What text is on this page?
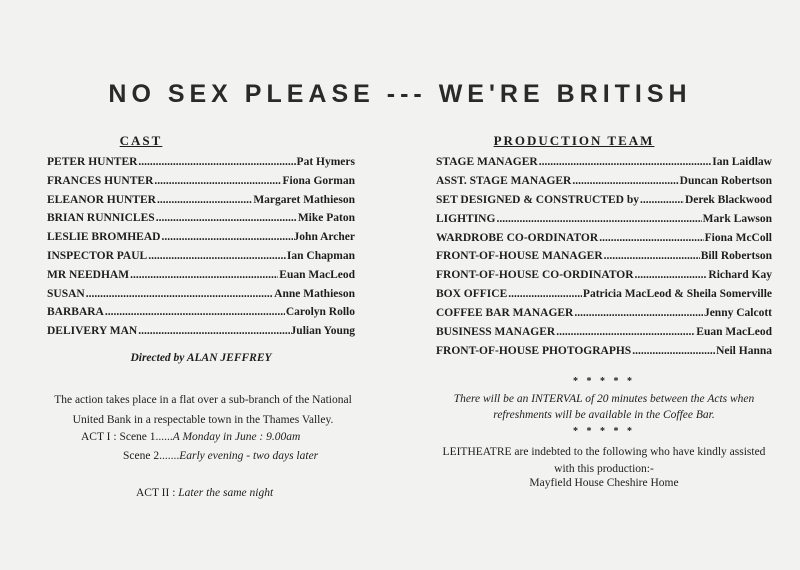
NO SEX PLEASE --- WE'RE BRITISH
CAST
PETER HUNTER .....	Pat Hymers
FRANCES HUNTER .....	Fiona Gorman
ELEANOR HUNTER .....	Margaret Mathieson
BRIAN RUNNICLES .....	Mike Paton
LESLIE BROMHEAD .....	John Archer
INSPECTOR PAUL .....	Ian Chapman
MR NEEDHAM .....	Euan MacLeod
SUSAN .....	Anne Mathieson
BARBARA .....	Carolyn Rollo
DELIVERY MAN .....	Julian Young
PRODUCTION TEAM
STAGE MANAGER .....	Ian Laidlaw
ASST. STAGE MANAGER .....	Duncan Robertson
SET DESIGNED & CONSTRUCTED by .....	Derek Blackwood
LIGHTING .....	Mark Lawson
WARDROBE CO-ORDINATOR .....	Fiona McColl
FRONT-OF-HOUSE MANAGER .....	Bill Robertson
FRONT-OF-HOUSE CO-ORDINATOR .....	Richard Kay
BOX OFFICE .....	Patricia MacLeod & Sheila Somerville
COFFEE BAR MANAGER .....	Jenny Calcott
BUSINESS MANAGER .....	Euan MacLeod
FRONT-OF-HOUSE PHOTOGRAPHS .....	Neil Hanna
Directed by ALAN JEFFREY
The action takes place in a flat over a sub-branch of the National United Bank in a respectable town in the Thames Valley.
ACT I : Scene 1......A Monday in June : 9.00am
Scene 2.......Early evening - two days later
ACT II : Later the same night
* * * * *
There will be an INTERVAL of 20 minutes between the Acts when refreshments will be available in the Coffee Bar.
* * * * *
LEITHEATRE are indebted to the following who have kindly assisted with this production:-
Mayfield House Cheshire Home
